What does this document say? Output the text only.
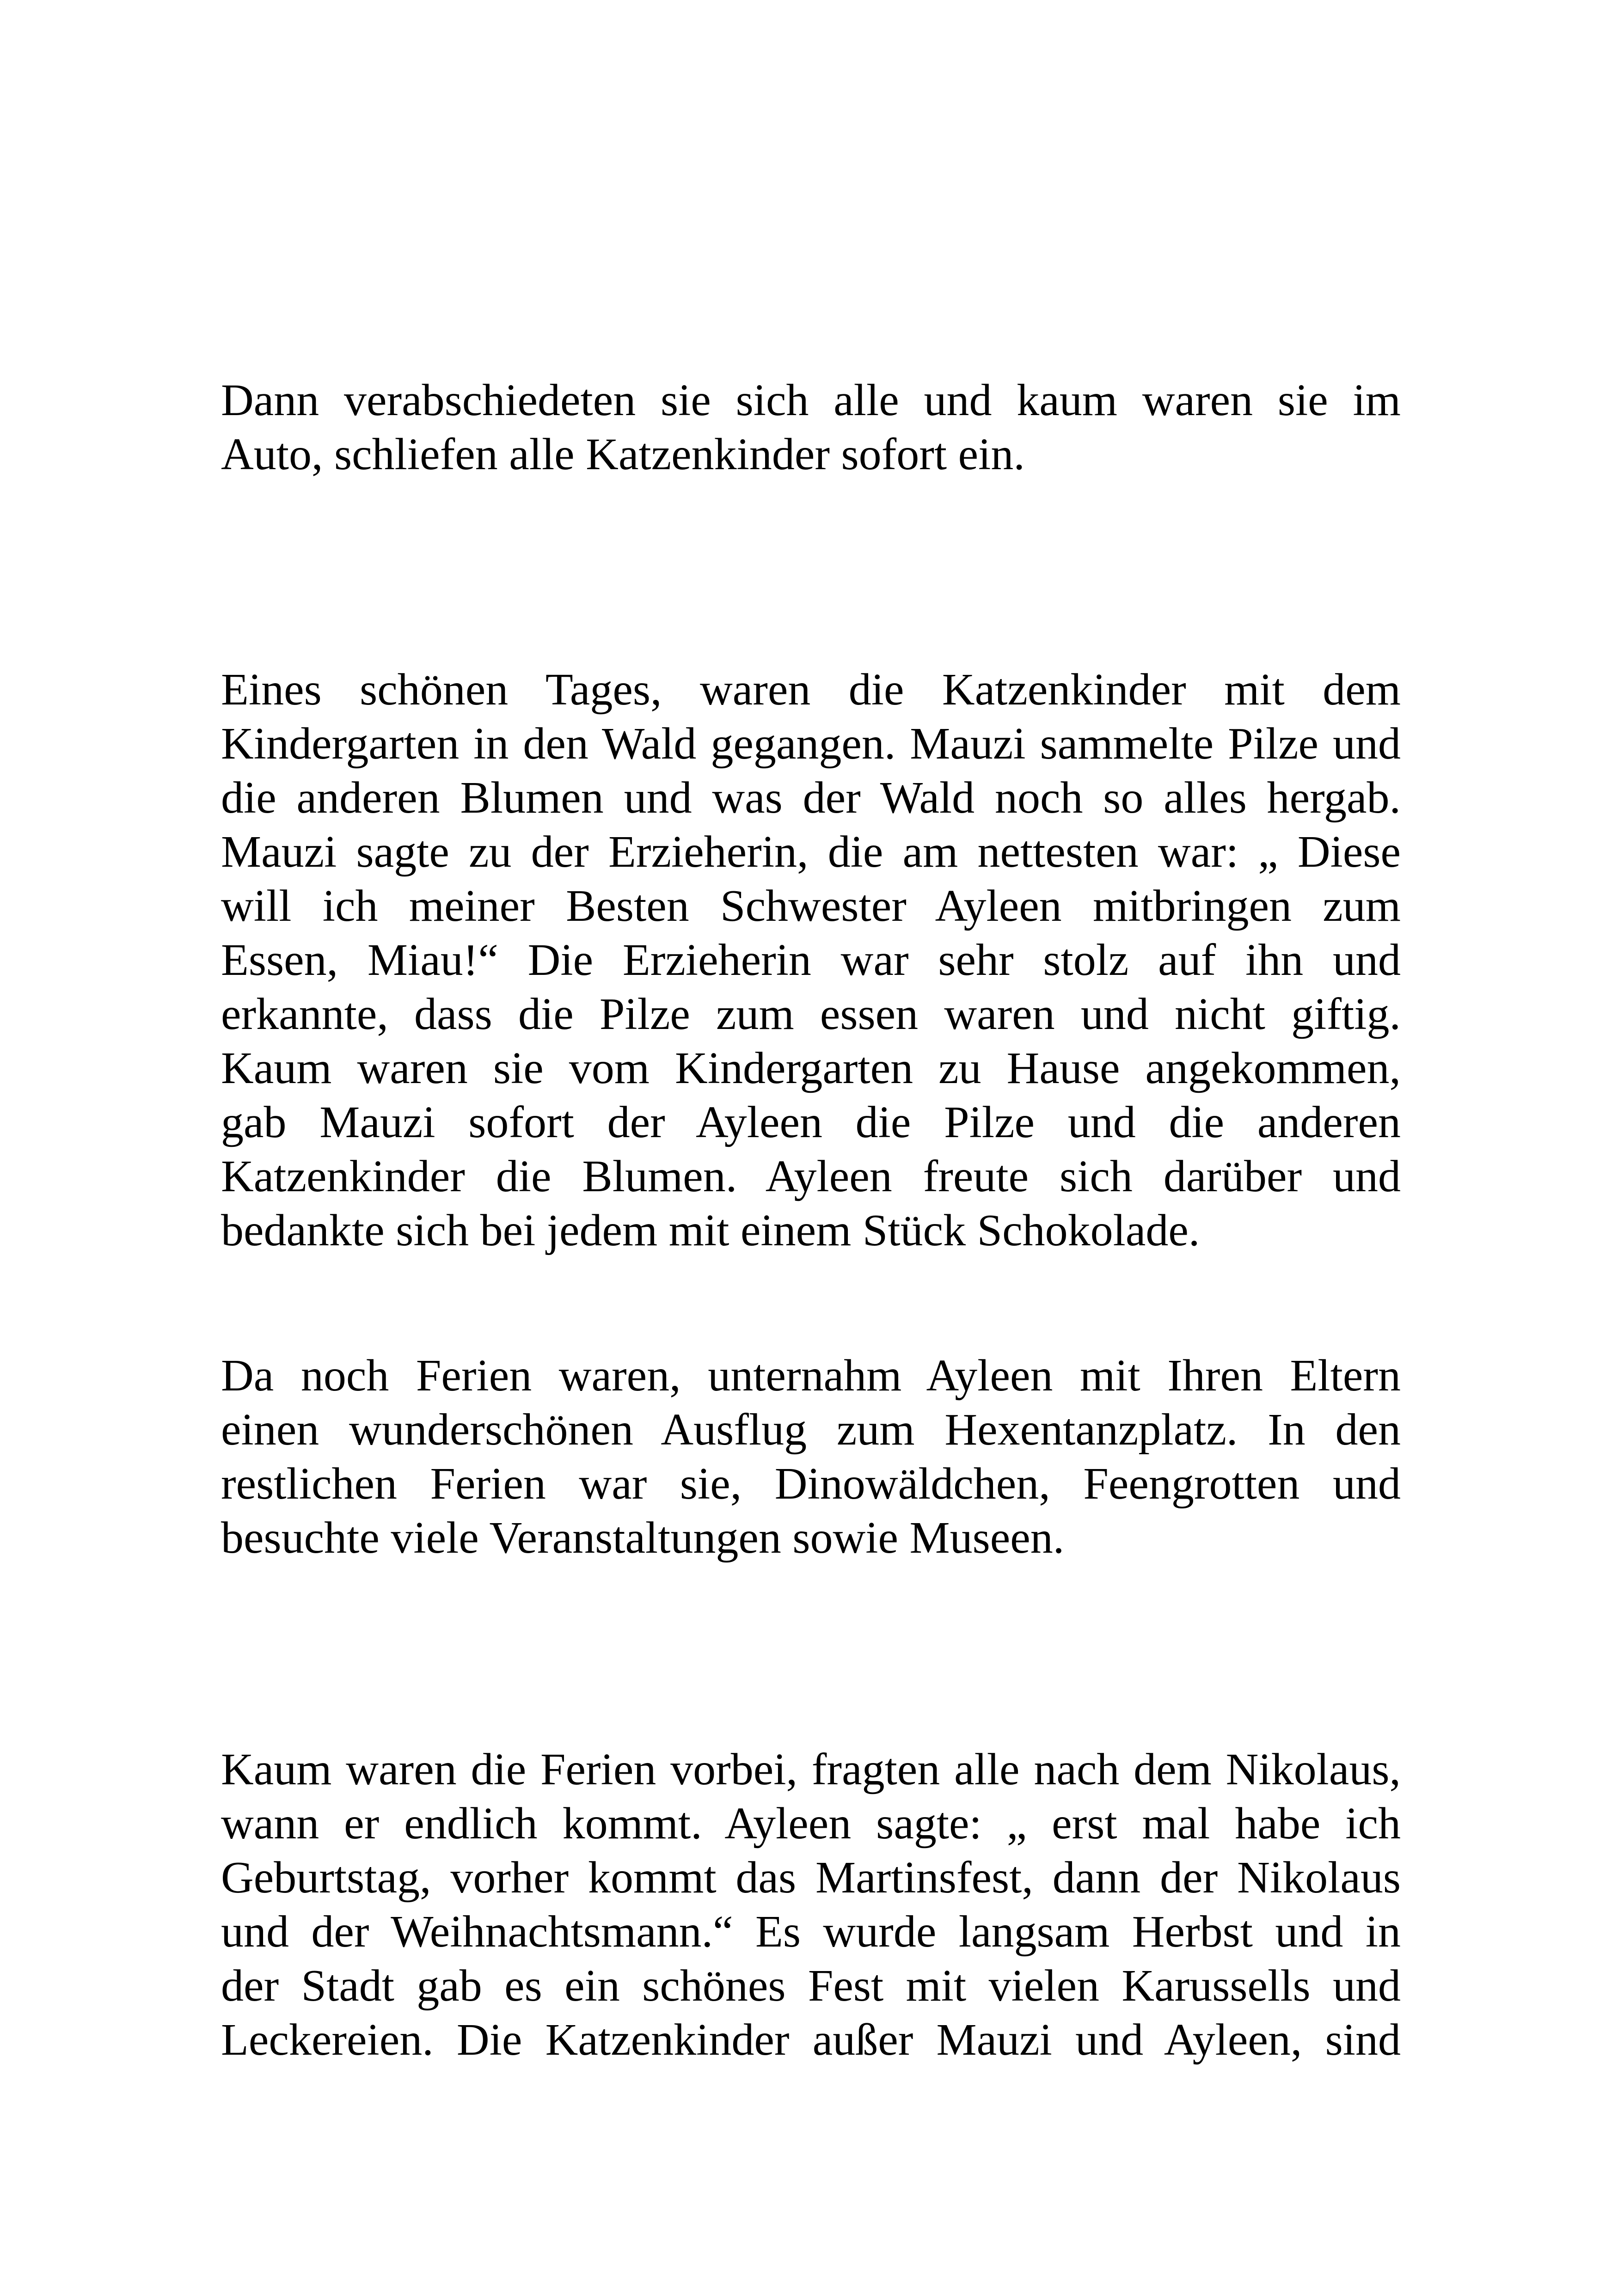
Dann verabschiedeten sie sich alle und kaum waren sie im
Auto, schliefen alle Katzenkinder sofort ein.
Eines schönen Tages, waren die Katzenkinder mit dem
Kindergarten in den Wald gegangen. Mauzi sammelte Pilze und
die anderen Blumen und was der Wald noch so alles hergab.
Mauzi sagte zu der Erzieherin, die am nettesten war: „ Diese
will ich meiner Besten Schwester Ayleen mitbringen zum
Essen, Miau!“ Die Erzieherin war sehr stolz auf ihn und
erkannte, dass die Pilze zum essen waren und nicht giftig.
Kaum waren sie vom Kindergarten zu Hause angekommen,
gab Mauzi sofort der Ayleen die Pilze und die anderen
Katzenkinder die Blumen. Ayleen freute sich darüber und
bedankte sich bei jedem mit einem Stück Schokolade.
Da noch Ferien waren, unternahm Ayleen mit Ihren Eltern
einen wunderschönen Ausflug zum Hexentanzplatz. In den
restlichen Ferien war sie, Dinowäldchen, Feengrotten und
besuchte viele Veranstaltungen sowie Museen.
Kaum waren die Ferien vorbei, fragten alle nach dem Nikolaus,
wann er endlich kommt. Ayleen sagte: „ erst mal habe ich
Geburtstag, vorher kommt das Martinsfest, dann der Nikolaus
und der Weihnachtsmann.“ Es wurde langsam Herbst und in
der Stadt gab es ein schönes Fest mit vielen Karussells und
Leckereien. Die Katzenkinder außer Mauzi und Ayleen, sind
